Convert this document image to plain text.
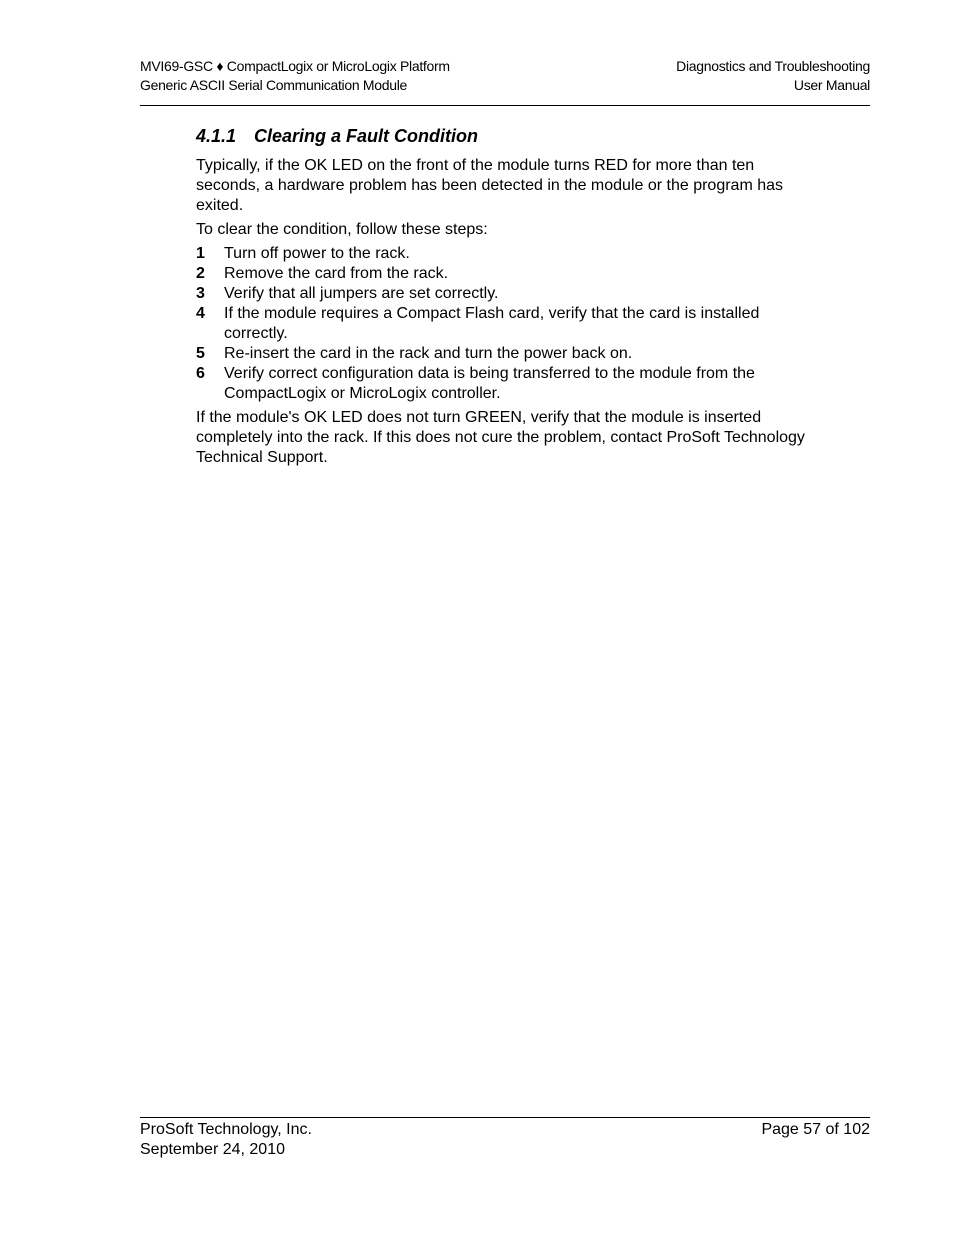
MVI69-GSC ♦ CompactLogix or MicroLogix Platform
Generic ASCII Serial Communication Module
Diagnostics and Troubleshooting
User Manual
4.1.1 Clearing a Fault Condition

Typically, if the OK LED on the front of the module turns RED for more than ten seconds, a hardware problem has been detected in the module or the program has exited.

To clear the condition, follow these steps:

1 Turn off power to the rack.
2 Remove the card from the rack.
3 Verify that all jumpers are set correctly.
4 If the module requires a Compact Flash card, verify that the card is installed correctly.
5 Re-insert the card in the rack and turn the power back on.
6 Verify correct configuration data is being transferred to the module from the CompactLogix or MicroLogix controller.

If the module's OK LED does not turn GREEN, verify that the module is inserted completely into the rack. If this does not cure the problem, contact ProSoft Technology Technical Support.

ProSoft Technology, Inc.
September 24, 2010
Page 57 of 102
